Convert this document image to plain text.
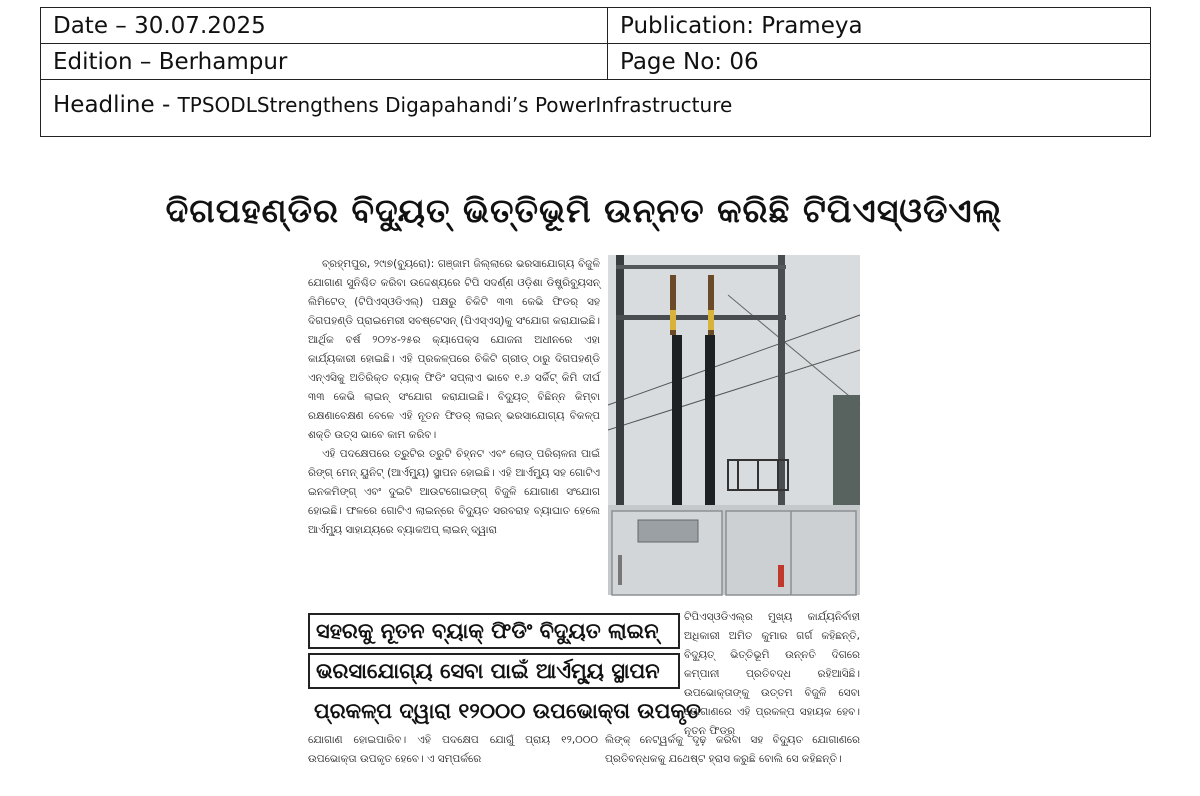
Date – 30.07.2025	Publication: Prameya
Edition – Berhampur	Page No: 06
Headline - TPSODLStrengthens Digapahandi’s PowerInfrastructure
ଦିଗପହଣ୍ଡିର ବିଦ୍ୟୁତ୍ ଭିତ୍ତିଭୂମି ଉନ୍ନତ କରିଛି ଟିପିଏସ୍ଓଡିଏଲ୍

ବ୍ରହ୍ମପୁର, ୨୯ା୭(ବ୍ୟୁରୋ): ଗଞ୍ଜାମ ଜିଲ୍ଲାରେ ଭରସାଯୋଗ୍ୟ ବିଜୁଳି ଯୋଗାଣ ସୁନିଶ୍ଚିତ କରିବା ଉଦ୍ଦେଶ୍ୟରେ ଟିପି ସଦର୍ଣ୍ଣ ଓଡ଼ିଶା ଡିଷ୍ଟ୍ରିବ୍ୟୁସନ୍ ଲିମିଟେଡ୍ (ଟିପିଏସ୍ଓଡିଏଲ୍) ପକ୍ଷରୁ ଚିକିଟି ୩୩ କେଭି ଫିଡର୍ ସହ ଦିଗପହଣ୍ଡି ପ୍ରାଇମେରୀ ସବଷ୍ଟେସନ୍ (ପିଏସ୍ଏସ୍)କୁ ସଂଯୋଗ କରାଯାଇଛି। ଆର୍ଥିକ ବର୍ଷ ୨୦୨୪-୨୫ର କ୍ୟାପେକ୍ସ ଯୋଜନା ଅଧୀନରେ ଏହା କାର୍ଯ୍ୟକାରୀ ହୋଇଛି। ଏହି ପ୍ରକଳ୍ପରେ ଚିକିଟି ଗ୍ରୀଡ୍ ଠାରୁ ଦିଗପହଣ୍ଡି ଏନ୍ଏସିକୁ ଅତିରିକ୍ତ ବ୍ୟାକ୍ ଫିଡିଂ ସପ୍ଲାଏ ଭାବେ ୧.୬ ସର୍କିଟ୍ କିମି ଦୀର୍ଘ ୩୩ କେଭି ଲାଇନ୍ ସଂଯୋଗ କରାଯାଇଛି। ବିଦ୍ୟୁତ୍ ବିଛିନ୍ନ କିମ୍ବା ରକ୍ଷଣାବେକ୍ଷଣ ବେଳେ ଏହି ନୂତନ ଫିଡର୍ ଲାଇନ୍ ଭରସାଯୋଗ୍ୟ ବିକଳ୍ପ ଶକ୍ତି ଉତ୍ସ ଭାବେ କାମ କରିବ।

ଏହି ପଦକ୍ଷେପରେ ତ୍ରୁଟିର ତ୍ରୁଟି ଚିହ୍ନଟ ଏବଂ ଲୋଡ୍ ପରିଚାଳନା ପାଇଁ ରିଙ୍ଗ୍ ମେନ୍ ୟୁନିଟ୍ (ଆର୍ଏମ୍ୟୁ) ସ୍ଥାପନ ହୋଇଛି। ଏହି ଆର୍ଏମ୍ୟୁ ସହ ଗୋଟିଏ ଇନକମିଙ୍ଗ୍ ଏବଂ ଦୁଇଟି ଆଉଟଗୋଇଙ୍ଗ୍ ବିଜୁଳି ଯୋଗାଣ ସଂଯୋଗ ହୋଇଛି। ଫଳରେ ଗୋଟିଏ ଲାଇନ୍‌ରେ ବିଦ୍ୟୁତ ସରବରାହ ବ୍ୟାଘାତ ହେଲେ ଆର୍ଏମ୍ୟୁ ସାହାଯ୍ୟରେ ବ୍ୟାକଅପ୍ ଲାଇନ୍ ଦ୍ୱାରା

ସହରକୁ ନୂତନ ବ୍ୟାକ୍ ଫିଡିଂ ବିଦ୍ୟୁତ ଲାଇନ୍
ଭରସାଯୋଗ୍ୟ ସେବା ପାଇଁ ଆର୍ଏମ୍ୟୁ ସ୍ଥାପନ
ପ୍ରକଳ୍ପ ଦ୍ୱାରା ୧୨୦୦୦ ଉପଭୋକ୍ତା ଉପକୃତ
ଟିପିଏସ୍ଓଡିଏଲ୍‌ର ମୁଖ୍ୟ କାର୍ଯ୍ୟନିର୍ବାହୀ ଅଧିକାରୀ ଅମିତ କୁମାର ଗର୍ଗ କହିଛନ୍ତି, ବିଦ୍ୟୁତ୍ ଭିତ୍ତିଭୂମି ଉନ୍ନତି ଦିଗରେ କମ୍ପାନୀ ପ୍ରତିବଦ୍ଧ ରହିଆସିଛି। ଉପଭୋକ୍ତାଙ୍କୁ ଉତ୍ତମ ବିଜୁଳି ସେବା ଯୋଗାଣରେ ଏହି ପ୍ରକଳ୍ପ ସହାୟକ ହେବ। ନୂତନ ଫିଡର୍
ଯୋଗାଣ ହୋଇପାରିବ। ଏହି ପଦକ୍ଷେପ ଯୋଗୁଁ ପ୍ରାୟ ୧୨,୦୦୦ ଉପଭୋକ୍ତା ଉପକୃତ ହେବେ। ଏ ସମ୍ପର୍କରେ
ଲିଙ୍କ୍ ନେଟ୍‌ୱର୍କକୁ ଦୃଢ଼ କରିବା ସହ ବିଦ୍ୟୁତ ଯୋଗାଣରେ ପ୍ରତିବନ୍ଧକକୁ ଯଥେଷ୍ଟ ହ୍ରାସ କରୁଛି ବୋଲି ସେ କହିଛନ୍ତି।
